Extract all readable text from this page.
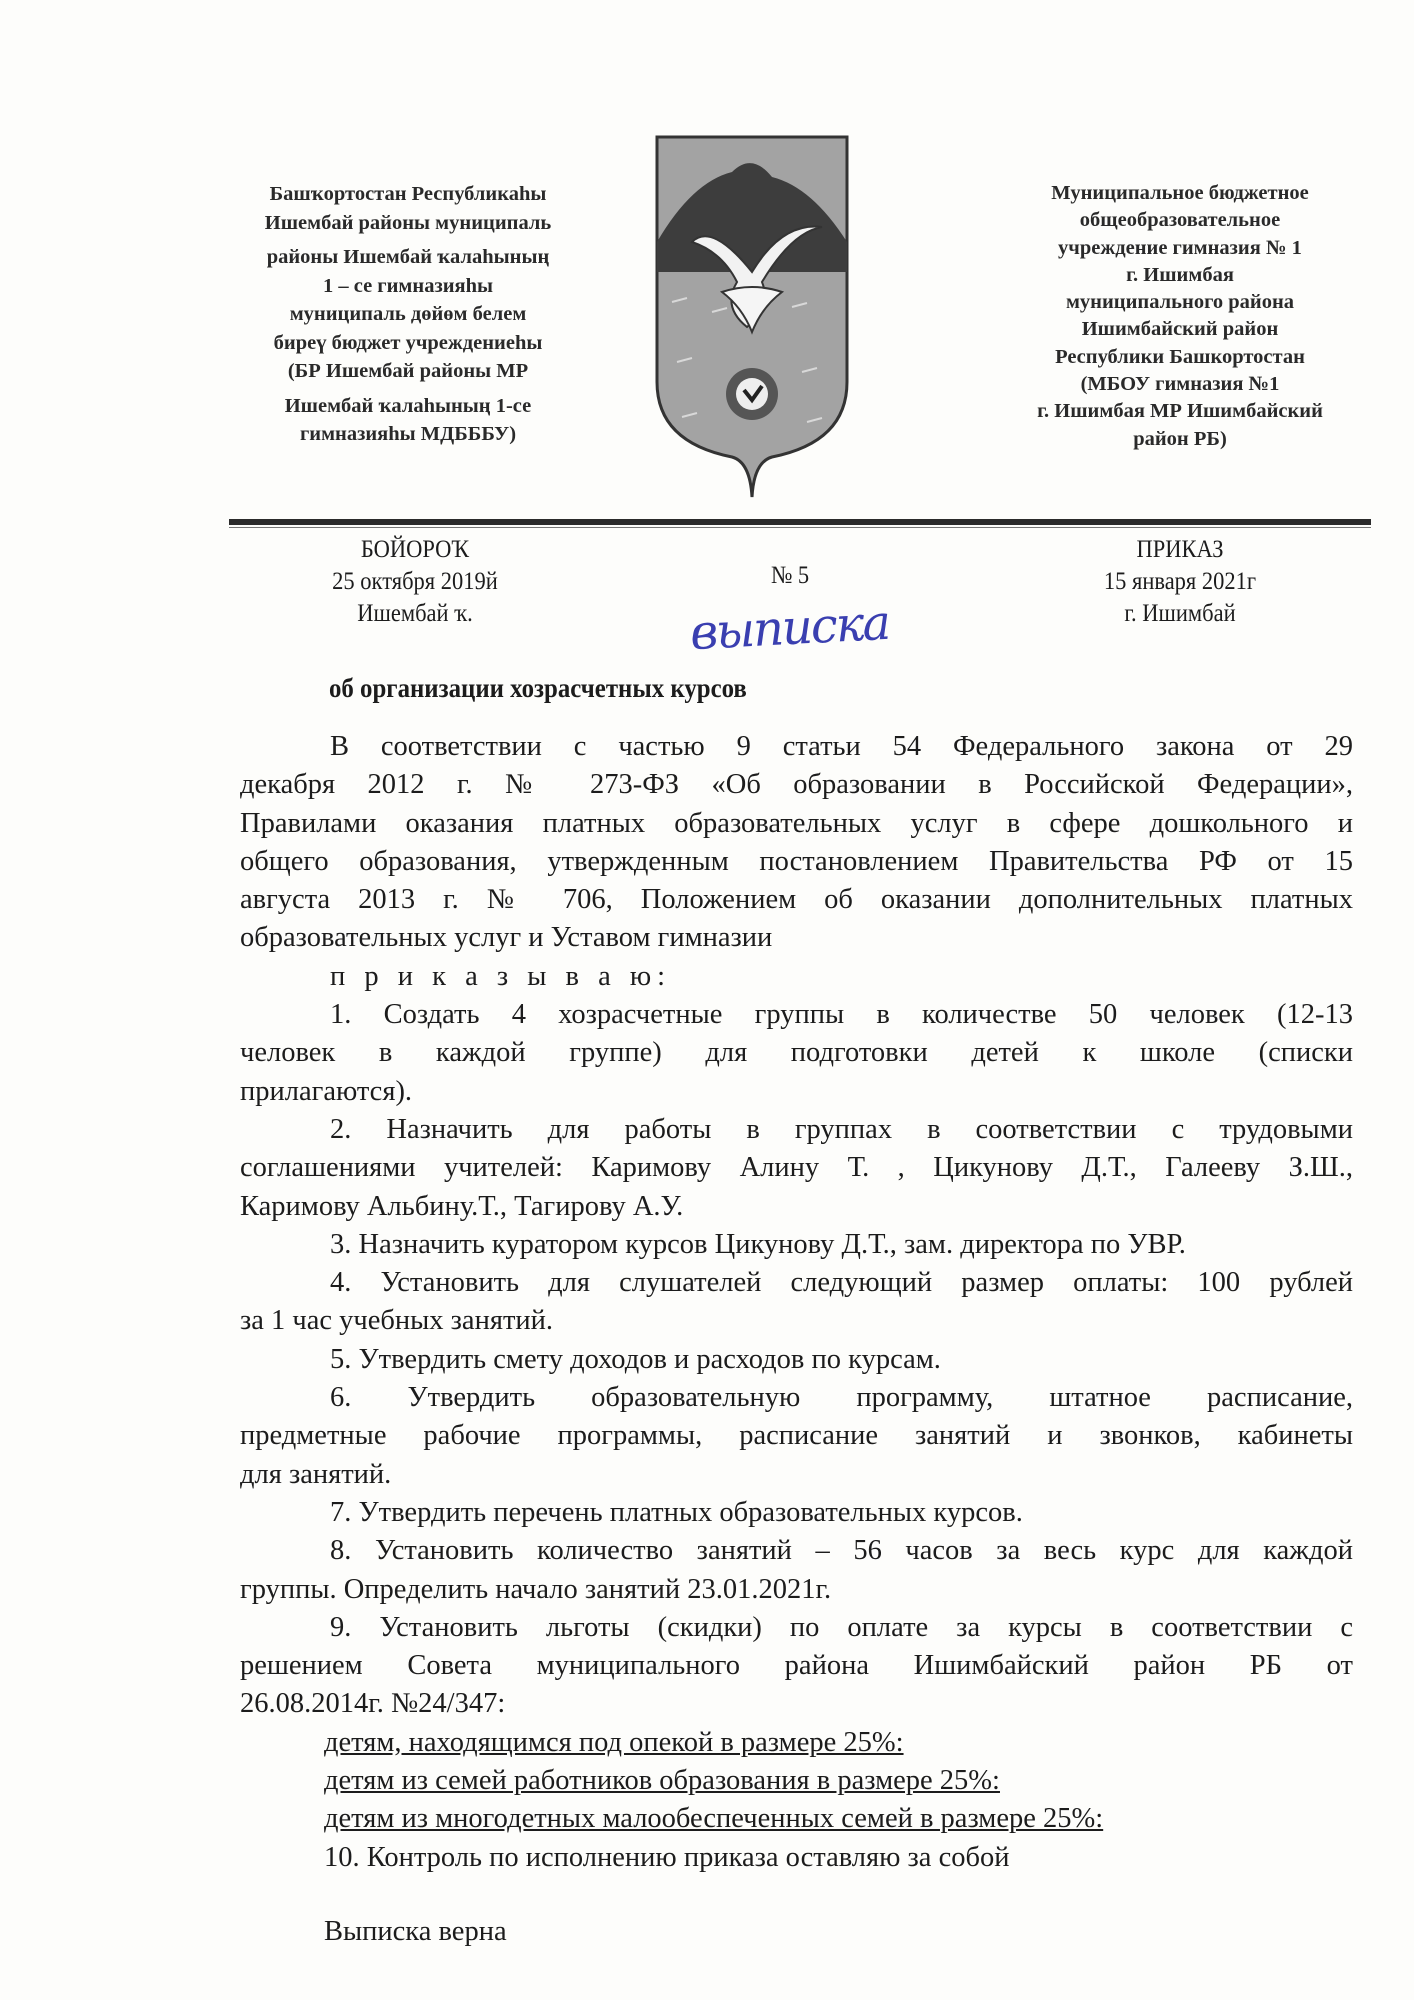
Башҡортостан Республикаһы
Ишембай районы муниципаль
районы Ишембай ҡалаһының
1 – се гимназияһы
муниципаль дөйөм белем
биреү бюджет учреждениеһы
(БР Ишембай районы МР
Ишембай ҡалаһының 1-се
гимназияһы МДБББУ)
Муниципальное бюджетное
общеобразовательное
учреждение гимназия № 1
г. Ишимбая
муниципального района
Ишимбайский район
Республики Башкортостан
(МБОУ гимназия №1
г. Ишимбая МР Ишимбайский
район РБ)
БОЙОРОҠ
25 октября 2019й
Ишембай ҡ.
№ 5
ПРИКАЗ
15 января 2021г
г. Ишимбай
выписка
об организации хозрасчетных курсов
В соответствии с частью 9 статьи 54 Федерального закона от 29
декабря 2012 г. № 273-ФЗ «Об образовании в Российской Федерации»,
Правилами оказания платных образовательных услуг в сфере дошкольного и
общего образования, утвержденным постановлением Правительства РФ от 15
августа 2013 г. № 706, Положением об оказании дополнительных платных
образовательных услуг и Уставом гимназии
п р и к а з ы в а ю:
1. Создать 4 хозрасчетные группы в количестве 50 человек (12-13
человек в каждой группе) для подготовки детей к школе (списки
прилагаются).
2. Назначить для работы в группах в соответствии с трудовыми
соглашениями учителей: Каримову Алину Т. , Цикунову Д.Т., Галееву З.Ш.,
Каримову Альбину.Т., Тагирову А.У.
3. Назначить куратором курсов Цикунову Д.Т., зам. директора по УВР.
4. Установить для слушателей следующий размер оплаты: 100 рублей
за 1 час учебных занятий.
5. Утвердить смету доходов и расходов по курсам.
6. Утвердить образовательную программу, штатное расписание,
предметные рабочие программы, расписание занятий и звонков, кабинеты
для занятий.
7. Утвердить перечень платных образовательных курсов.
8. Установить количество занятий – 56 часов за весь курс для каждой
группы. Определить начало занятий 23.01.2021г.
9. Установить льготы (скидки) по оплате за курсы в соответствии с
решением Совета муниципального района Ишимбайский район РБ от
26.08.2014г. №24/347:
детям, находящимся под опекой в размере 25%:
детям из семей работников образования в размере 25%:
детям из многодетных малообеспеченных семей в размере 25%:
10. Контроль по исполнению приказа оставляю за собой
Выписка верна
